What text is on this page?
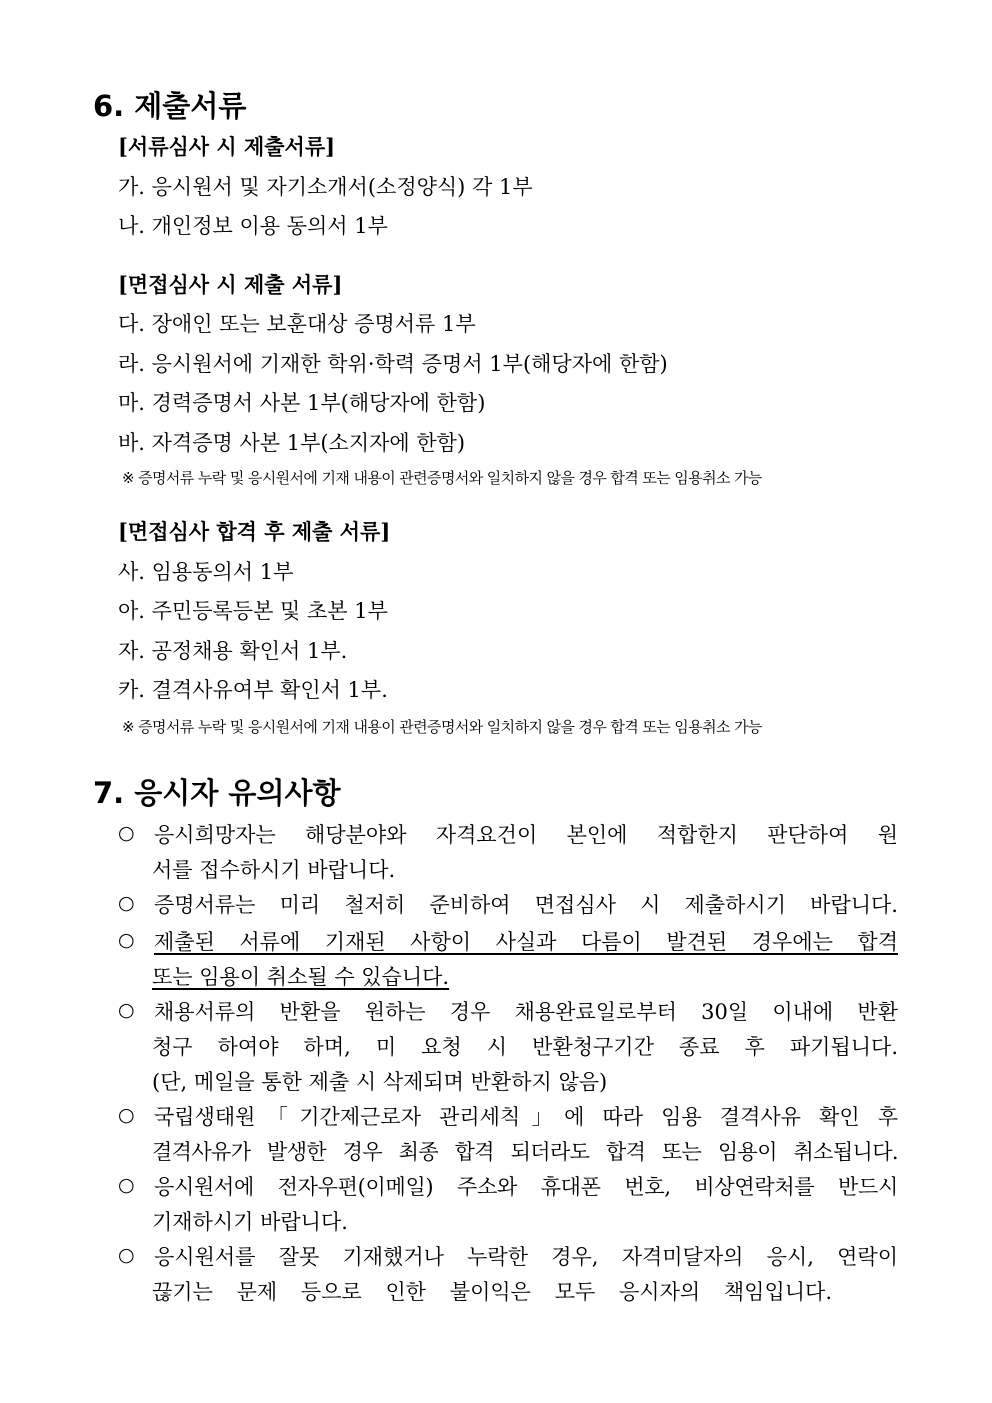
6. 제출서류
[서류심사 시 제출서류]
가. 응시원서 및 자기소개서(소정양식) 각 1부
나. 개인정보 이용 동의서 1부
[면접심사 시 제출 서류]
다. 장애인 또는 보훈대상 증명서류 1부
라. 응시원서에 기재한 학위·학력 증명서 1부(해당자에 한함)
마. 경력증명서 사본 1부(해당자에 한함)
바. 자격증명 사본 1부(소지자에 한함)
※ 증명서류 누락 및 응시원서에 기재 내용이 관련증명서와 일치하지 않을 경우 합격 또는 임용취소 가능
[면접심사 합격 후 제출 서류]
사. 임용동의서 1부
아. 주민등록등본 및 초본 1부
자. 공정채용 확인서 1부.
카. 결격사유여부 확인서 1부.
※ 증명서류 누락 및 응시원서에 기재 내용이 관련증명서와 일치하지 않을 경우 합격 또는 임용취소 가능
7. 응시자 유의사항
○ 응시희망자는 해당분야와 자격요건이 본인에 적합한지 판단하여 원
서를 접수하시기 바랍니다.
○ 증명서류는 미리 철저히 준비하여 면접심사 시 제출하시기 바랍니다.
○ 제출된 서류에 기재된 사항이 사실과 다름이 발견된 경우에는 합격
또는 임용이 취소될 수 있습니다.
○ 채용서류의 반환을 원하는 경우 채용완료일로부터 30일 이내에 반환
청구 하여야 하며, 미 요청 시 반환청구기간 종료 후 파기됩니다.
(단, 메일을 통한 제출 시 삭제되며 반환하지 않음)
○ 국립생태원「기간제근로자 관리세칙」에 따라 임용 결격사유 확인 후
결격사유가 발생한 경우 최종 합격 되더라도 합격 또는 임용이 취소됩니다.
○ 응시원서에 전자우편(이메일) 주소와 휴대폰 번호, 비상연락처를 반드시
기재하시기 바랍니다.
○ 응시원서를 잘못 기재했거나 누락한 경우, 자격미달자의 응시, 연락이
끊기는 문제 등으로 인한 불이익은 모두 응시자의 책임입니다.
